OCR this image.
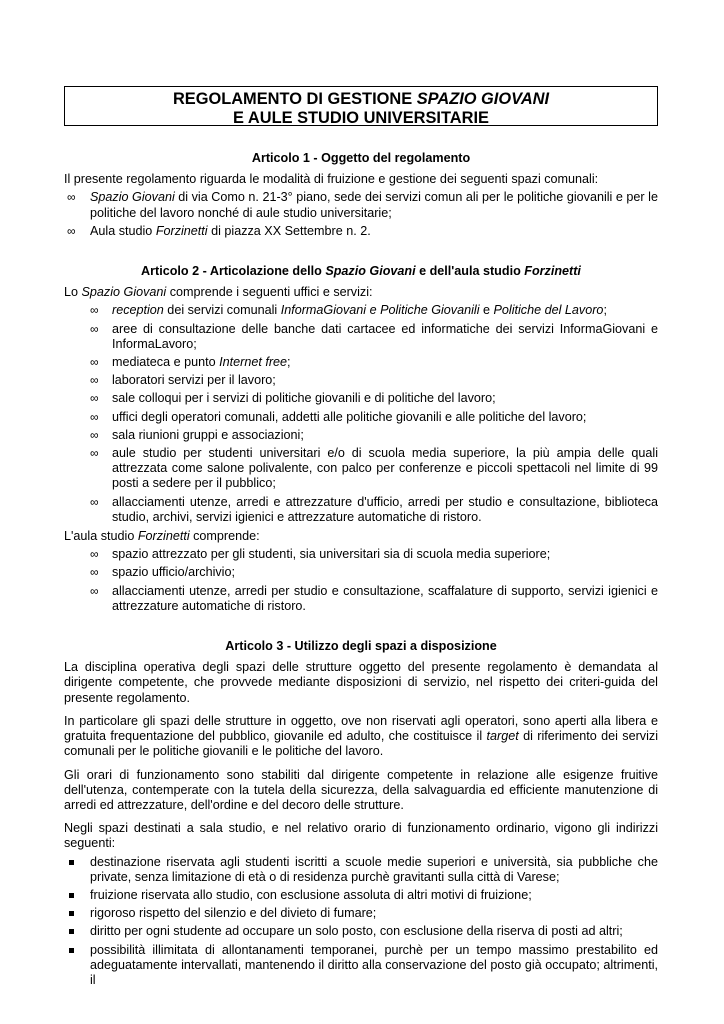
REGOLAMENTO DI GESTIONE SPAZIO GIOVANI
E AULE STUDIO UNIVERSITARIE
Articolo 1 - Oggetto del regolamento

Il presente regolamento riguarda le modalità di fruizione e gestione dei seguenti spazi comunali:

∞ Spazio Giovani di via Como n. 21-3° piano, sede dei servizi comun ali per le politiche giovanili e per le politiche del lavoro nonché di aule studio universitarie;
∞ Aula studio Forzinetti di piazza XX Settembre n. 2.
Articolo 2 - Articolazione dello Spazio Giovani e dell'aula studio Forzinetti

Lo Spazio Giovani comprende i seguenti uffici e servizi:

∞ reception dei servizi comunali InformaGiovani e Politiche Giovanili e Politiche del Lavoro;
∞ aree di consultazione delle banche dati cartacee ed informatiche dei servizi InformaGiovani e InformaLavoro;
∞ mediateca e punto Internet free;
∞ laboratori servizi per il lavoro;
∞ sale colloqui per i servizi di politiche giovanili e di politiche del lavoro;
∞ uffici degli operatori comunali, addetti alle politiche giovanili e alle politiche del lavoro;
∞ sala riunioni gruppi e associazioni;
∞ aule studio per studenti universitari e/o di scuola media superiore, la più ampia delle quali attrezzata come salone polivalente, con palco per conferenze e piccoli spettacoli nel limite di 99 posti a sedere per il pubblico;
∞ allacciamenti utenze, arredi e attrezzature d'ufficio, arredi per studio e consultazione, biblioteca studio, archivi, servizi igienici e attrezzature automatiche di ristoro.

L'aula studio Forzinetti comprende:

∞ spazio attrezzato per gli studenti, sia universitari sia di scuola media superiore;
∞ spazio ufficio/archivio;
∞ allacciamenti utenze, arredi per studio e consultazione, scaffalature di supporto, servizi igienici e attrezzature automatiche di ristoro.
Articolo 3 - Utilizzo degli spazi a disposizione

La disciplina operativa degli spazi delle strutture oggetto del presente regolamento è demandata al dirigente competente, che provvede mediante disposizioni di servizio, nel rispetto dei criteri-guida del presente regolamento.

In particolare gli spazi delle strutture in oggetto, ove non riservati agli operatori, sono aperti alla libera e gratuita frequentazione del pubblico, giovanile ed adulto, che costituisce il target di riferimento dei servizi comunali per le politiche giovanili e le politiche del lavoro.

Gli orari di funzionamento sono stabiliti dal dirigente competente in relazione alle esigenze fruitive dell'utenza, contemperate con la tutela della sicurezza, della salvaguardia ed efficiente manutenzione di arredi ed attrezzature, dell'ordine e del decoro delle strutture.

Negli spazi destinati a sala studio, e nel relativo orario di funzionamento ordinario, vigono gli indirizzi seguenti:

destinazione riservata agli studenti iscritti a scuole medie superiori e università, sia pubbliche che private, senza limitazione di età o di residenza purchè gravitanti sulla città di Varese;
fruizione riservata allo studio, con esclusione assoluta di altri motivi di fruizione;
rigoroso rispetto del silenzio e del divieto di fumare;
diritto per ogni studente ad occupare un solo posto, con esclusione della riserva di posti ad altri;
possibilità illimitata di allontanamenti temporanei, purchè per un tempo massimo prestabilito ed adeguatamente intervallati, mantenendo il diritto alla conservazione del posto già occupato; altrimenti, il
